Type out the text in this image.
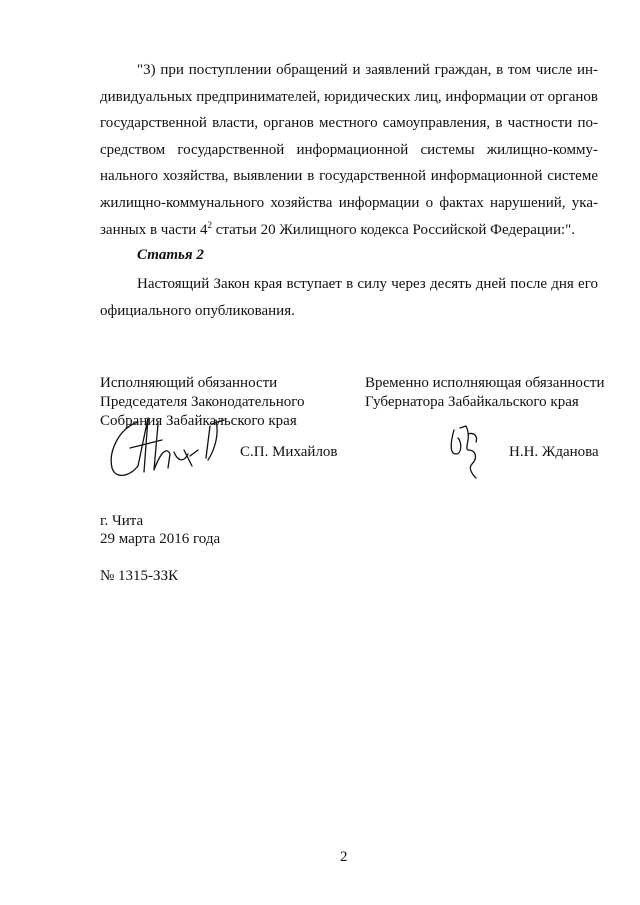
"3) при поступлении обращений и заявлений граждан, в том числе ин-
дивидуальных предпринимателей, юридических лиц, информации от органов
государственной власти, органов местного самоуправления, в частности по-
средством государственной информационной системы жилищно-комму-
нального хозяйства, выявлении в государственной информационной системе
жилищно-коммунального хозяйства информации о фактах нарушений, ука-
занных в части $4^2$ статьи 20 Жилищного кодекса Российской Федерации:".

Статья 2

Настоящий Закон края вступает в силу через десять дней после дня его
официального опубликования.
Исполняющий обязанности
Председателя Законодательного
Собрания Забайкальского края
Временно исполняющая обязанности
Губернатора Забайкальского края
С.П. Михайлов	Н.Н. Жданова
г. Чита
29 марта 2016 года
№ 1315-ЗЗК
2
